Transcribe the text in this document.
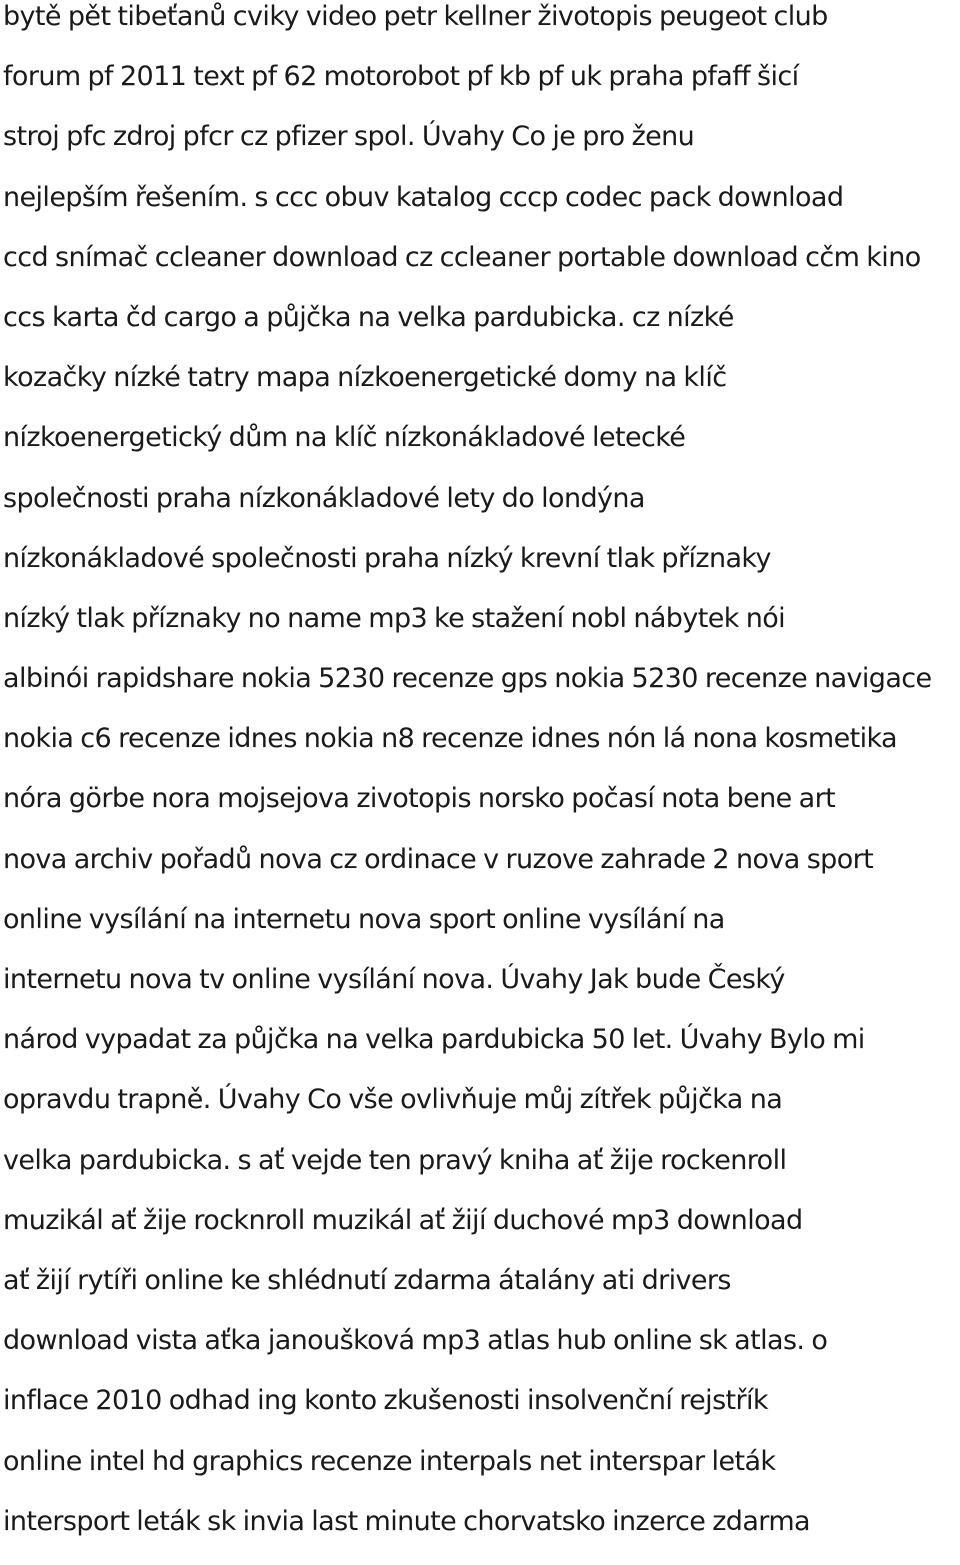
bytě pět tibeťanů cviky video petr kellner životopis peugeot club
forum pf 2011 text pf 62 motorobot pf kb pf uk praha pfaff šicí
stroj pfc zdroj pfcr cz pfizer spol. Úvahy Co je pro ženu
nejlepším řešením. s ccc obuv katalog cccp codec pack download
ccd snímač ccleaner download cz ccleaner portable download cčm kino
ccs karta čd cargo a půjčka na velka pardubicka. cz nízké
kozačky nízké tatry mapa nízkoenergetické domy na klíč
nízkoenergetický dům na klíč nízkonákladové letecké
společnosti praha nízkonákladové lety do londýna
nízkonákladové společnosti praha nízký krevní tlak příznaky
nízký tlak příznaky no name mp3 ke stažení nobl nábytek nói
albinói rapidshare nokia 5230 recenze gps nokia 5230 recenze navigace
nokia c6 recenze idnes nokia n8 recenze idnes nón lá nona kosmetika
nóra görbe nora mojsejova zivotopis norsko počasí nota bene art
nova archiv pořadů nova cz ordinace v ruzove zahrade 2 nova sport
online vysílání na internetu nova sport online vysílání na
internetu nova tv online vysílání nova. Úvahy Jak bude Český
národ vypadat za půjčka na velka pardubicka 50 let. Úvahy Bylo mi
opravdu trapně. Úvahy Co vše ovlivňuje můj zítřek půjčka na
velka pardubicka. s ať vejde ten pravý kniha ať žije rockenroll
muzikál ať žije rocknroll muzikál ať žijí duchové mp3 download
ať žijí rytíři online ke shlédnutí zdarma átalány ati drivers
download vista aťka janoušková mp3 atlas hub online sk atlas. o
inflace 2010 odhad ing konto zkušenosti insolvenční rejstřík
online intel hd graphics recenze interpals net interspar leták
intersport leták sk invia last minute chorvatsko inzerce zdarma
